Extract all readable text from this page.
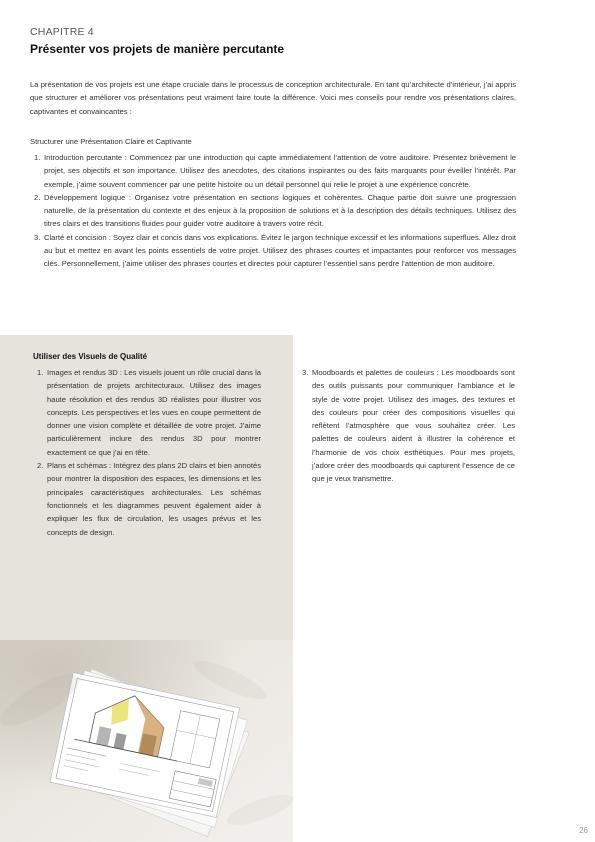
CHAPITRE 4
Présenter vos projets de manière percutante

La présentation de vos projets est une étape cruciale dans le processus de conception architecturale. En tant qu’architecte d’intérieur, j’ai appris que structurer et améliorer vos présentations peut vraiment faire toute la différence. Voici mes conseils pour rendre vos présentations claires, captivantes et convaincantes :

Structurer une Présentation Claire et Captivante
1. Introduction percutante : Commencez par une introduction qui capte immédiatement l’attention de votre auditoire. Présentez brièvement le projet, ses objectifs et son importance. Utilisez des anecdotes, des citations inspirantes ou des faits marquants pour éveiller l’intérêt. Par exemple, j’aime souvent commencer par une petite histoire ou un détail personnel qui relie le projet à une expérience concrète.
2. Développement logique : Organisez votre présentation en sections logiques et cohérentes. Chaque partie doit suivre une progression naturelle, de la présentation du contexte et des enjeux à la proposition de solutions et à la description des détails techniques. Utilisez des titres clairs et des transitions fluides pour guider votre auditoire à travers votre récit.
3. Clarté et concision : Soyez clair et concis dans vos explications. Évitez le jargon technique excessif et les informations superflues. Allez droit au but et mettez en avant les points essentiels de votre projet. Utilisez des phrases courtes et impactantes pour renforcer vos messages clés. Personnellement, j’aime utiliser des phrases courtes et directes pour capturer l’essentiel sans perdre l’attention de mon auditoire.
Utiliser des Visuels de Qualité
1. Images et rendus 3D : Les visuels jouent un rôle crucial dans la présentation de projets architecturaux. Utilisez des images haute résolution et des rendus 3D réalistes pour illustrer vos concepts. Les perspectives et les vues en coupe permettent de donner une vision complète et détaillée de votre projet. J’aime particulièrement inclure des rendus 3D pour montrer exactement ce que j’ai en tête.
2. Plans et schémas : Intégrez des plans 2D clairs et bien annotés pour montrer la disposition des espaces, les dimensions et les principales caractéristiques architecturales. Les schémas fonctionnels et les diagrammes peuvent également aider à expliquer les flux de circulation, les usages prévus et les concepts de design.
3. Moodboards et palettes de couleurs : Les moodboards sont des outils puissants pour communiquer l’ambiance et le style de votre projet. Utilisez des images, des textures et des couleurs pour créer des compositions visuelles qui reflètent l’atmosphère que vous souhaitez créer. Les palettes de couleurs aident à illustrer la cohérence et l’harmonie de vos choix esthétiques. Pour mes projets, j’adore créer des moodboards qui capturent l’essence de ce que je veux transmettre.
26
